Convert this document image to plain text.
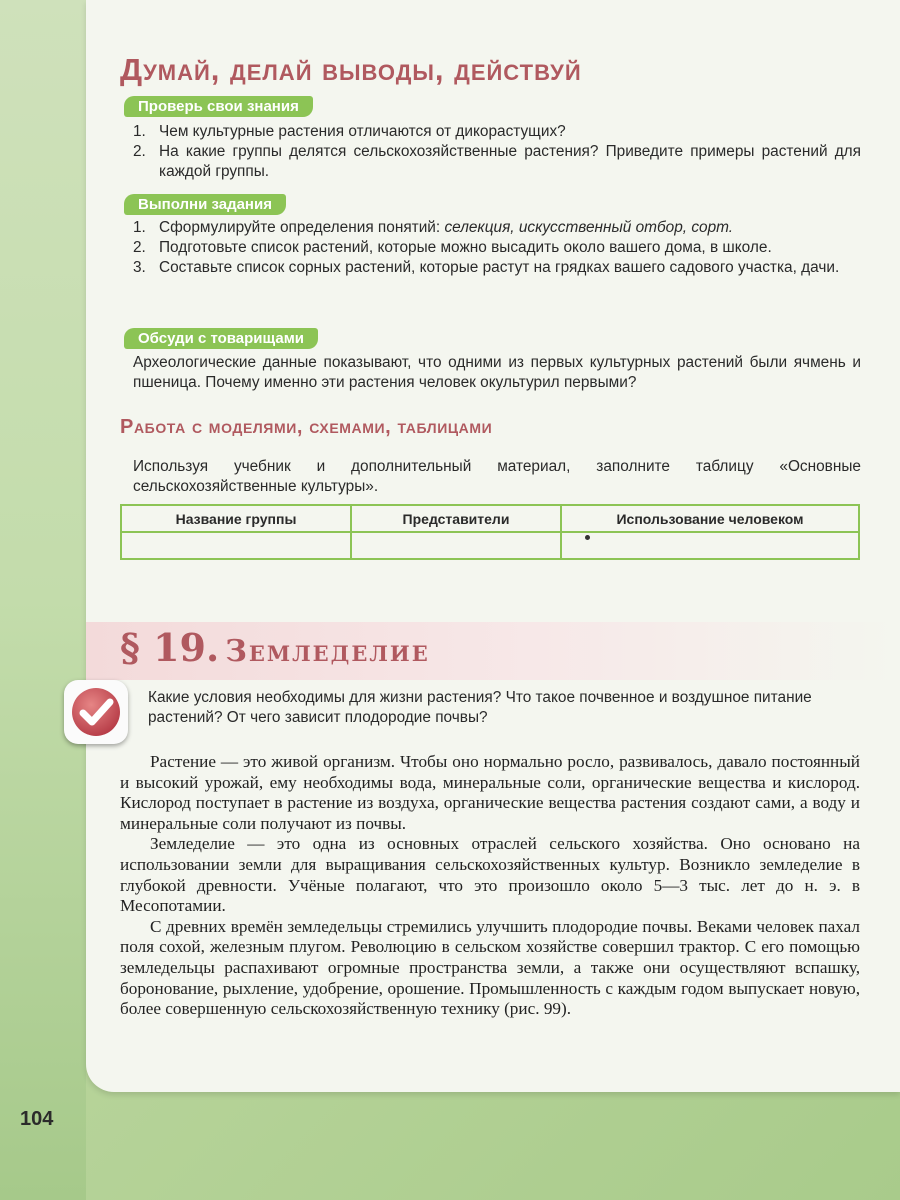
Думай, делай выводы, действуй
Проверь свои знания
1. Чем культурные растения отличаются от дикорастущих?
2. На какие группы делятся сельскохозяйственные растения? Приведите примеры растений для каждой группы.
Выполни задания
1. Сформулируйте определения понятий: селекция, искусственный отбор, сорт.
2. Подготовьте список растений, которые можно высадить около вашего дома, в школе.
3. Составьте список сорных растений, которые растут на грядках вашего садового участка, дачи.
Обсуди с товарищами

Археологические данные показывают, что одними из первых культурных растений были ячмень и пшеница. Почему именно эти растения человек окультурил первыми?

Работа с моделями, схемами, таблицами

Используя учебник и дополнительный материал, заполните таблицу «Основные сельскохозяйственные культуры».

Название группы	Представители	Использование человеком

§ 19. Земледелие

Какие условия необходимы для жизни растения? Что такое почвенное и воздушное питание растений? От чего зависит плодородие почвы?

Растение — это живой организм. Чтобы оно нормально росло, развивалось, давало постоянный и высокий урожай, ему необходимы вода, минеральные соли, органические вещества и кислород. Кислород поступает в растение из воздуха, органические вещества растения создают сами, а воду и минеральные соли получают из почвы.

Земледелие — это одна из основных отраслей сельского хозяйства. Оно основано на использовании земли для выращивания сельскохозяйственных культур. Возникло земледелие в глубокой древности. Учёные полагают, что это произошло около 5—3 тыс. лет до н. э. в Месопотамии.

С древних времён земледельцы стремились улучшить плодородие почвы. Веками человек пахал поля сохой, железным плугом. Революцию в сельском хозяйстве совершил трактор. С его помощью земледельцы распахивают огромные пространства земли, а также они осуществляют вспашку, боронование, рыхление, удобрение, орошение. Промышленность с каждым годом выпускает новую, более совершенную сельскохозяйственную технику (рис. 99).

104
